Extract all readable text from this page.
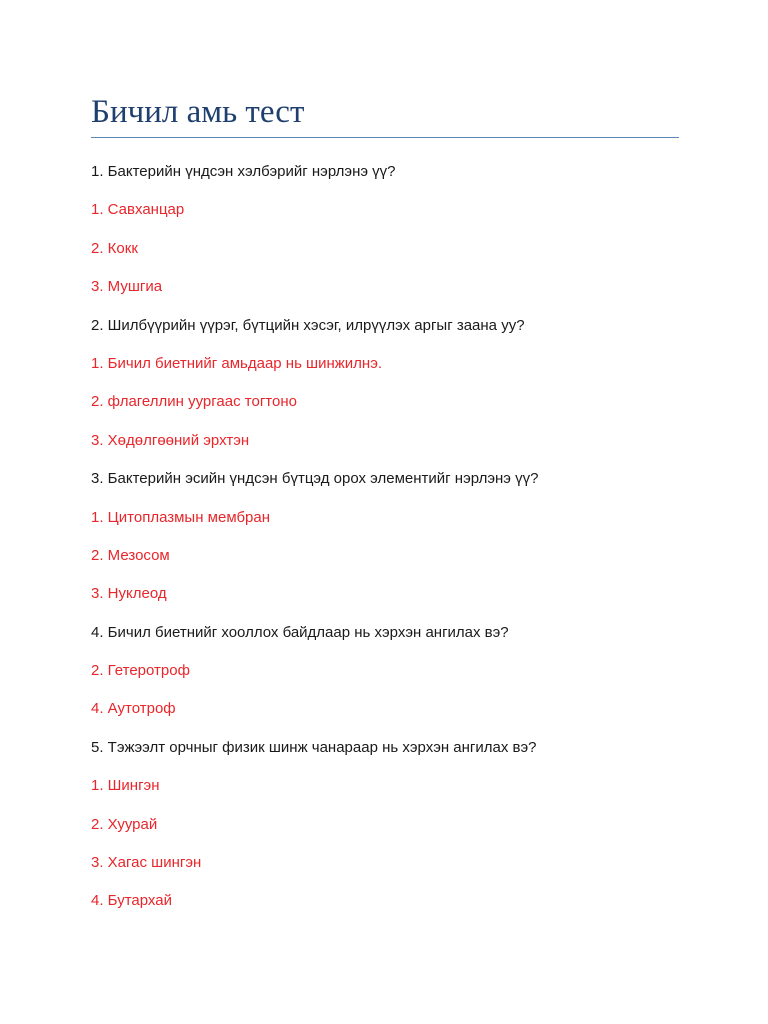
Бичил амь тест
1. Бактерийн үндсэн хэлбэрийг нэрлэнэ үү?
1. Савханцар
2. Кокк
3. Мушгиа
2. Шилбүүрийн үүрэг, бүтцийн хэсэг, илрүүлэх аргыг заана уу?
1. Бичил биетнийг амьдаар нь шинжилнэ.
2. флагеллин уургаас тогтоно
3. Хөдөлгөөний эрхтэн
3. Бактерийн эсийн үндсэн бүтцэд орох элементийг нэрлэнэ үү?
1. Цитоплазмын мембран
2. Мезосом
3. Нуклеод
4. Бичил биетнийг хооллох байдлаар нь хэрхэн ангилах вэ?
2. Гетеротроф
4. Аутотроф
5. Тэжээлт орчныг физик шинж чанараар нь хэрхэн ангилах вэ?
1. Шингэн
2. Хуурай
3. Хагас шингэн
4. Бутархай
